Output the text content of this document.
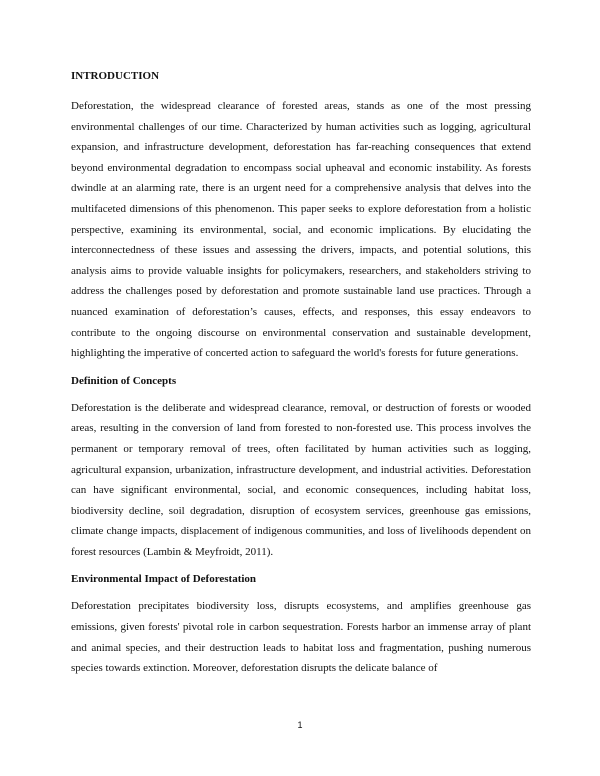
INTRODUCTION

Deforestation, the widespread clearance of forested areas, stands as one of the most pressing environmental challenges of our time. Characterized by human activities such as logging, agricultural expansion, and infrastructure development, deforestation has far-reaching consequences that extend beyond environmental degradation to encompass social upheaval and economic instability. As forests dwindle at an alarming rate, there is an urgent need for a comprehensive analysis that delves into the multifaceted dimensions of this phenomenon. This paper seeks to explore deforestation from a holistic perspective, examining its environmental, social, and economic implications. By elucidating the interconnectedness of these issues and assessing the drivers, impacts, and potential solutions, this analysis aims to provide valuable insights for policymakers, researchers, and stakeholders striving to address the challenges posed by deforestation and promote sustainable land use practices. Through a nuanced examination of deforestation’s causes, effects, and responses, this essay endeavors to contribute to the ongoing discourse on environmental conservation and sustainable development, highlighting the imperative of concerted action to safeguard the world's forests for future generations.

Definition of Concepts

Deforestation is the deliberate and widespread clearance, removal, or destruction of forests or wooded areas, resulting in the conversion of land from forested to non-forested use. This process involves the permanent or temporary removal of trees, often facilitated by human activities such as logging, agricultural expansion, urbanization, infrastructure development, and industrial activities. Deforestation can have significant environmental, social, and economic consequences, including habitat loss, biodiversity decline, soil degradation, disruption of ecosystem services, greenhouse gas emissions, climate change impacts, displacement of indigenous communities, and loss of livelihoods dependent on forest resources (Lambin & Meyfroidt, 2011).

Environmental Impact of Deforestation

Deforestation precipitates biodiversity loss, disrupts ecosystems, and amplifies greenhouse gas emissions, given forests' pivotal role in carbon sequestration. Forests harbor an immense array of plant and animal species, and their destruction leads to habitat loss and fragmentation, pushing numerous species towards extinction. Moreover, deforestation disrupts the delicate balance of

1
